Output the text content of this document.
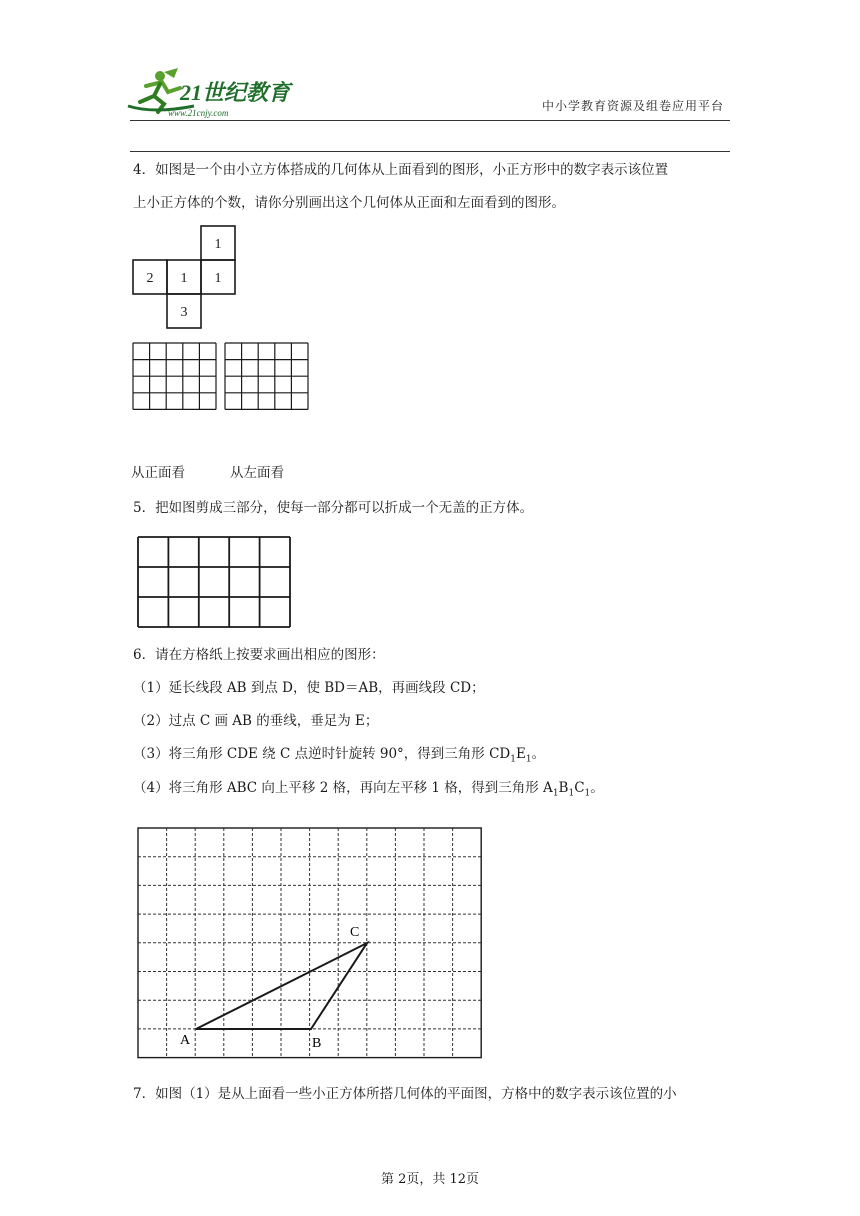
21世纪教育
www.21cnjy.com	中小学教育资源及组卷应用平台
4．如图是一个由小立方体搭成的几何体从上面看到的图形，小正方形中的数字表示该位置
上小正方体的个数，请你分别画出这个几何体从正面和左面看到的图形。
1
2 1 1
3
从正面看	从左面看
5．把如图剪成三部分，使每一部分都可以折成一个无盖的正方体。
6．请在方格纸上按要求画出相应的图形：
（1）延长线段 AB 到点 D，使 BD＝AB，再画线段 CD；
（2）过点 C 画 AB 的垂线，垂足为 E；
（3）将三角形 CDE 绕 C 点逆时针旋转 90°，得到三角形 $CD_1E_1$。
（4）将三角形 ABC 向上平移 2 格，再向左平移 1 格，得到三角形 $A_1B_1C_1$。
A	B
C
7．如图（1）是从上面看一些小正方体所搭几何体的平面图，方格中的数字表示该位置的小
第 2页，共 12页
